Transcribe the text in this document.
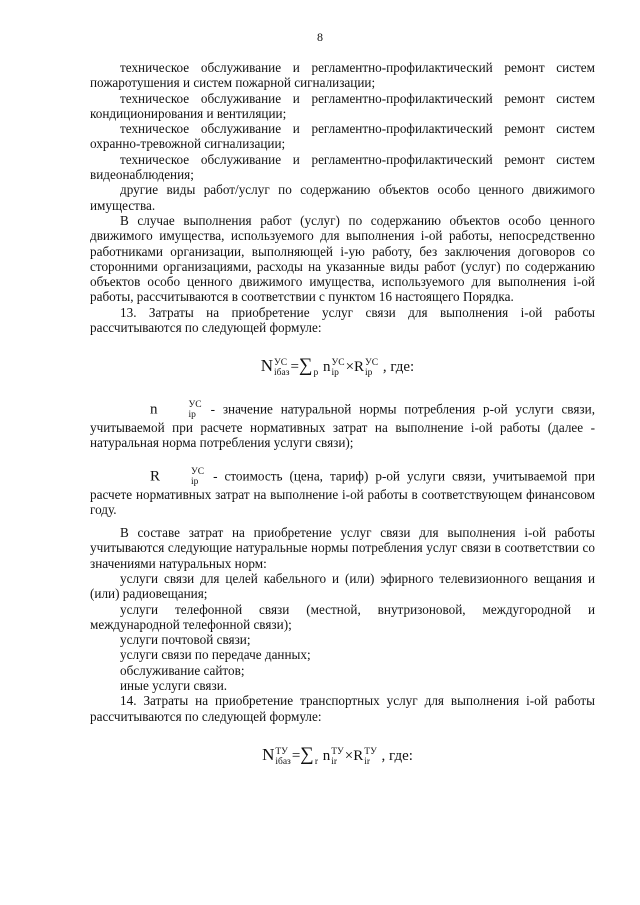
8

техническое обслуживание и регламентно-профилактический ремонт систем пожаротушения и систем пожарной сигнализации;

техническое обслуживание и регламентно-профилактический ремонт систем кондиционирования и вентиляции;

техническое обслуживание и регламентно-профилактический ремонт систем охранно-тревожной сигнализации;

техническое обслуживание и регламентно-профилактический ремонт систем видеонаблюдения;

другие виды работ/услуг по содержанию объектов особо ценного движимого имущества.

В случае выполнения работ (услуг) по содержанию объектов особо ценного движимого имущества, используемого для выполнения i-ой работы, непосредственно работниками организации, выполняющей i-ую работу, без заключения договоров со сторонними организациями, расходы на указанные виды работ (услуг) по содержанию объектов особо ценного движимого имущества, используемого для выполнения i-ой работы, рассчитываются в соответствии с пунктом 16 настоящего Порядка.

13. Затраты на приобретение услуг связи для выполнения i-ой работы рассчитываются по следующей формуле:

N УС
iбаз =∑
p n УС
ip ×R УС
ip , где:

n	УС
ip	- значение натуральной нормы потребления p-ой услуги связи, учитываемой при расчете нормативных затрат на выполнение i-ой работы (далее - натуральная норма потребления услуги связи);

R	УС
ip	- стоимость (цена, тариф) p-ой услуги связи, учитываемой при расчете нормативных затрат на выполнение i-ой работы в соответствующем финансовом году.

В составе затрат на приобретение услуг связи для выполнения i-ой работы учитываются следующие натуральные нормы потребления услуг связи в соответствии со значениями натуральных норм:

услуги связи для целей кабельного и (или) эфирного телевизионного вещания и (или) радиовещания;

услуги телефонной связи (местной, внутризоновой, междугородной и международной телефонной связи);

услуги почтовой связи;

услуги связи по передаче данных;

обслуживание сайтов;

иные услуги связи.

14. Затраты на приобретение транспортных услуг для выполнения i-ой работы рассчитываются по следующей формуле:

N ТУ
iбаз =∑
r n ТУ
ir ×R ТУ
ir , где:
